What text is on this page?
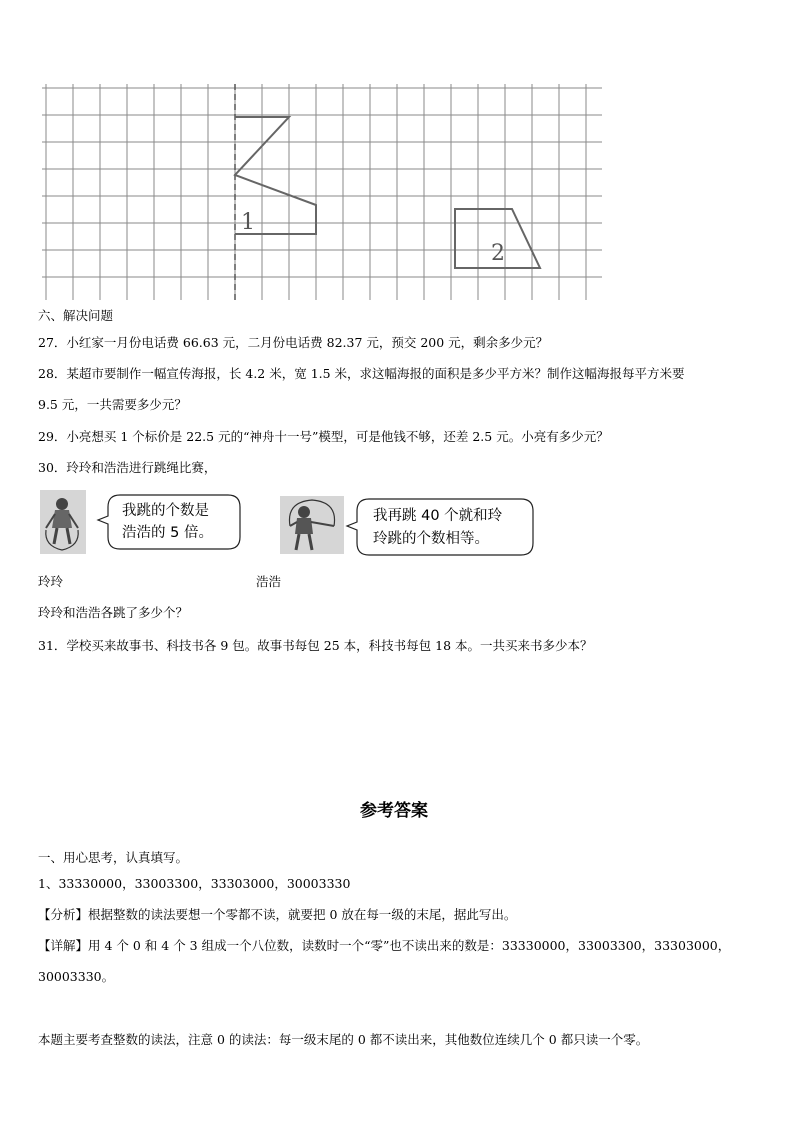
1
2
六、解决问题
27．小红家一月份电话费 66.63 元，二月份电话费 82.37 元，预交 200 元，剩余多少元？
28．某超市要制作一幅宣传海报，长 4.2 米，宽 1.5 米，求这幅海报的面积是多少平方米？制作这幅海报每平方米要
9.5 元，一共需要多少元？
29．小亮想买 1 个标价是 22.5 元的“神舟十一号”模型，可是他钱不够，还差 2.5 元。小亮有多少元？
30．玲玲和浩浩进行跳绳比赛，
我跳的个数是
浩浩的 5 倍。
我再跳 40 个就和玲
玲跳的个数相等。
玲玲	浩浩
玲玲和浩浩各跳了多少个？
31．学校买来故事书、科技书各 9 包。故事书每包 25 本，科技书每包 18 本。一共买来书多少本？
参考答案
一、用心思考，认真填写。
1、33330000，33003300，33303000，30003330
【分析】根据整数的读法要想一个零都不读，就要把 0 放在每一级的末尾，据此写出。
【详解】用 4 个 0 和 4 个 3 组成一个八位数，读数时一个“零”也不读出来的数是：33330000，33003300，33303000，
30003330。
本题主要考查整数的读法，注意 0 的读法：每一级末尾的 0 都不读出来，其他数位连续几个 0 都只读一个零。
